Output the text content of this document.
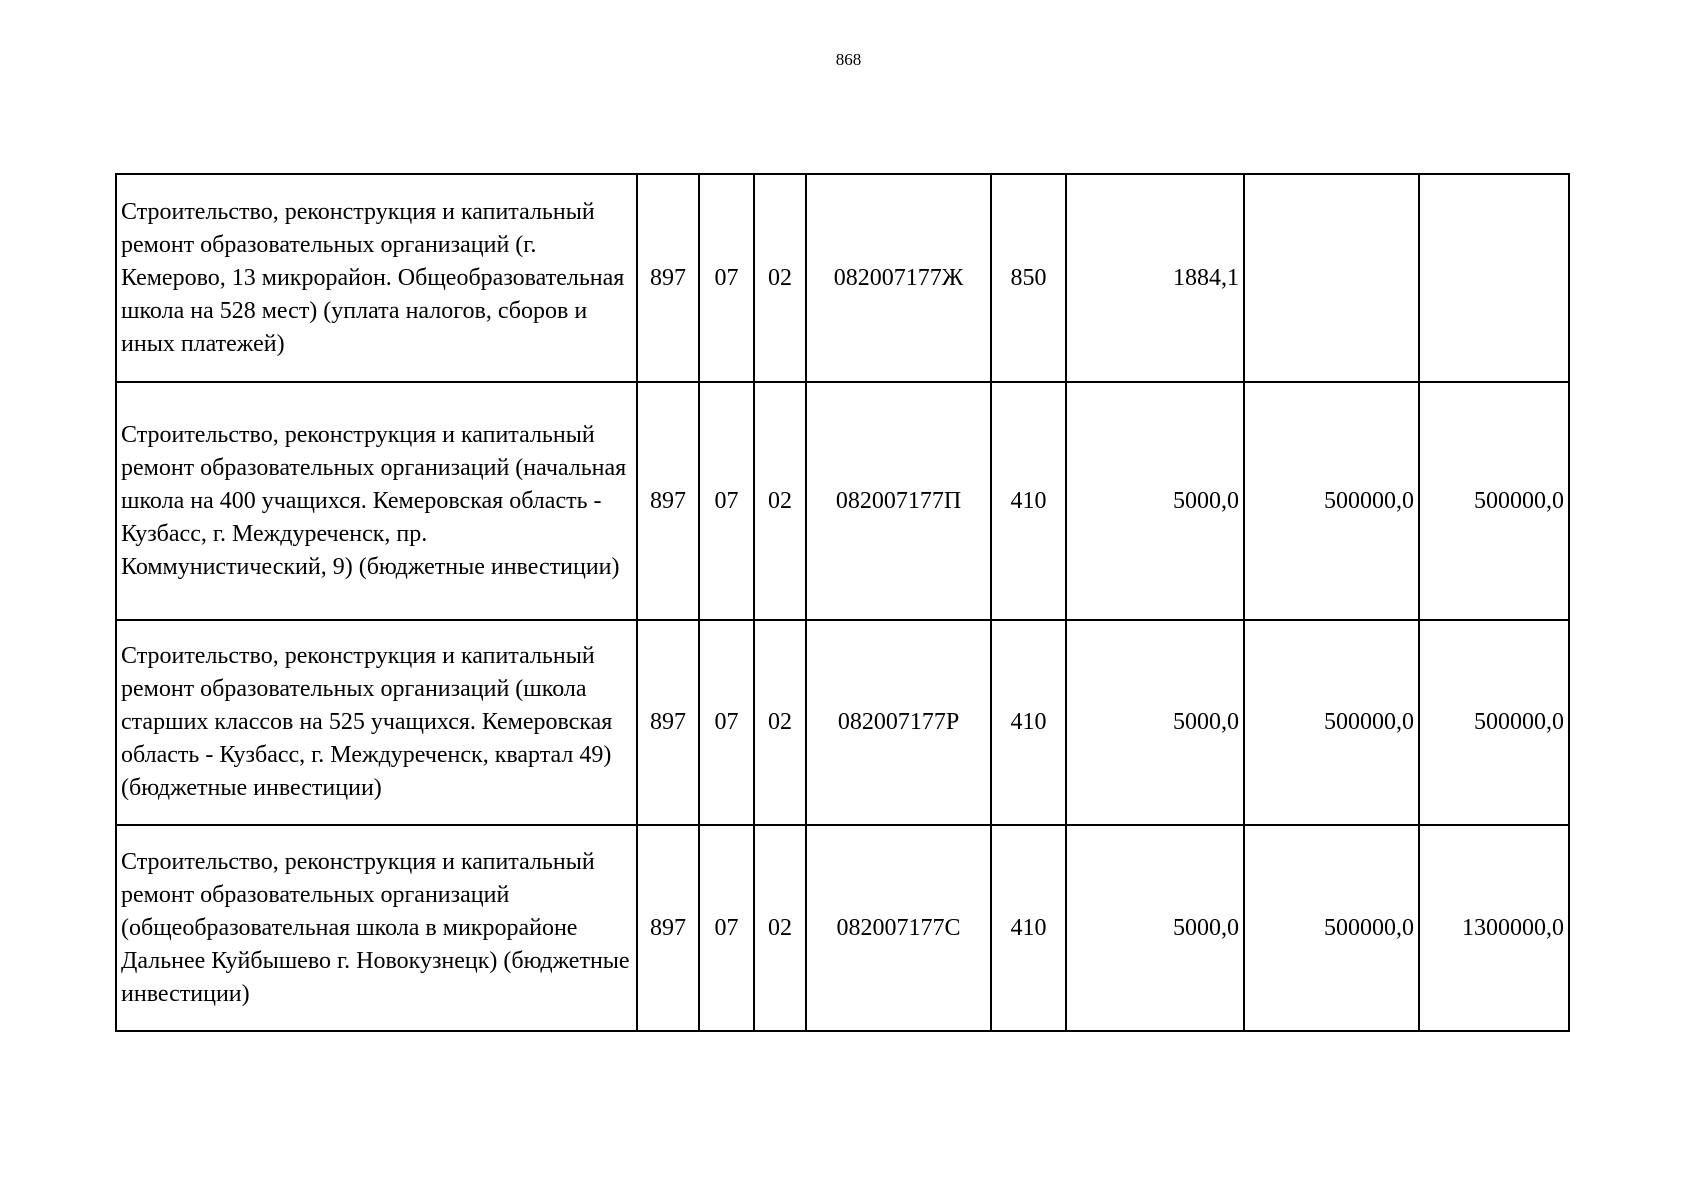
868
Строительство, реконструкция и капитальный ремонт образовательных организаций (г. Кемерово, 13 микрорайон. Общеобразовательная школа на 528 мест) (уплата налогов, сборов и иных платежей)	897	07	02	082007177Ж	850	1884,1		
Строительство, реконструкция и капитальный ремонт образовательных организаций (начальная школа на 400 учащихся. Кемеровская область - Кузбасс, г. Междуреченск, пр. Коммунистический, 9) (бюджетные инвестиции)	897	07	02	082007177П	410	5000,0	500000,0	500000,0
Строительство, реконструкция и капитальный ремонт образовательных организаций (школа старших классов на 525 учащихся. Кемеровская область - Кузбасс, г. Междуреченск, квартал 49) (бюджетные инвестиции)	897	07	02	082007177Р	410	5000,0	500000,0	500000,0
Строительство, реконструкция и капитальный ремонт образовательных организаций (общеобразовательная школа в микрорайоне Дальнее Куйбышево г. Новокузнецк) (бюджетные инвестиции)	897	07	02	082007177С	410	5000,0	500000,0	1300000,0
